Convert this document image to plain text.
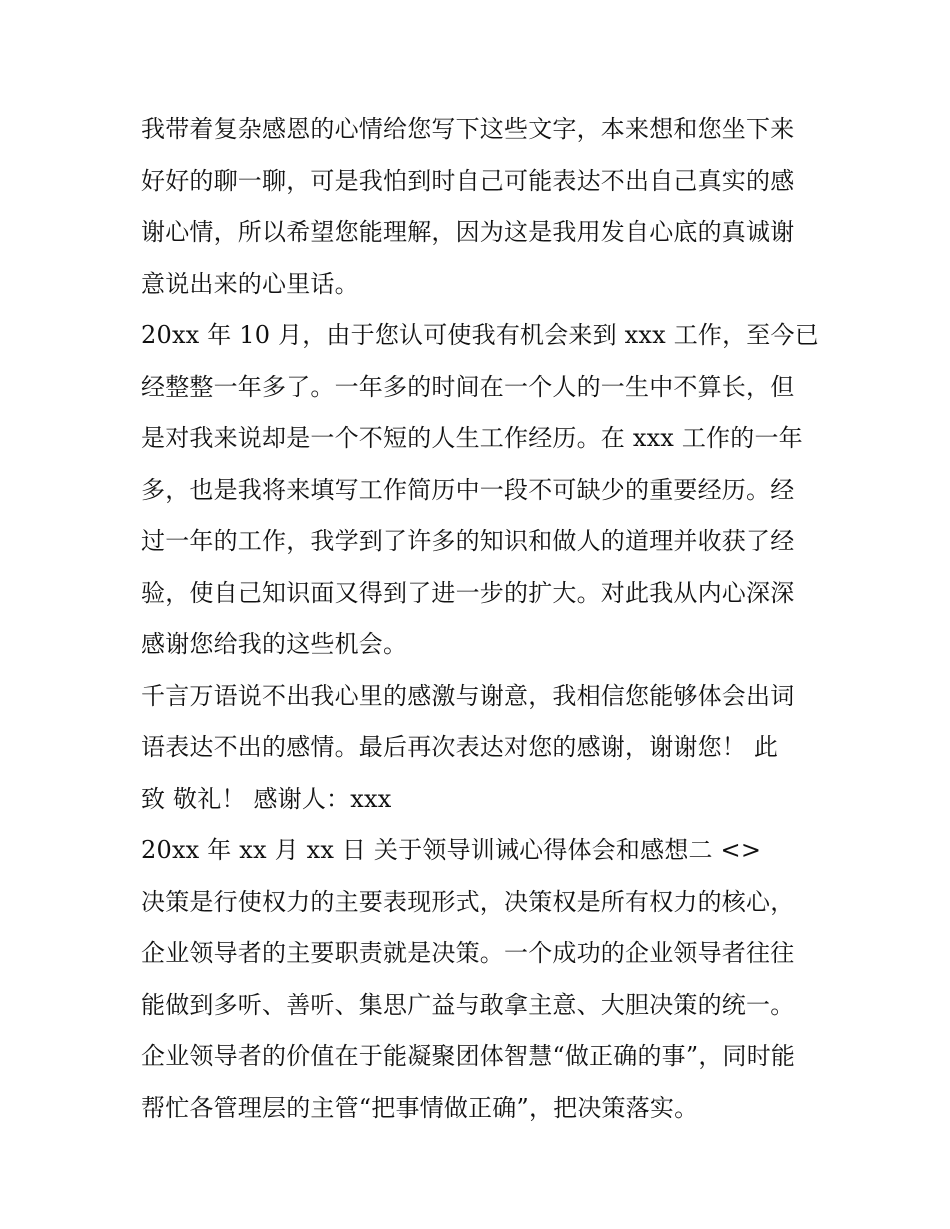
我带着复杂感恩的心情给您写下这些文字，本来想和您坐下来
好好的聊一聊，可是我怕到时自己可能表达不出自己真实的感
谢心情，所以希望您能理解，因为这是我用发自心底的真诚谢
意说出来的心里话。
20xx 年 10 月，由于您认可使我有机会来到 xxx 工作，至今已
经整整一年多了。一年多的时间在一个人的一生中不算长，但
是对我来说却是一个不短的人生工作经历。在 xxx 工作的一年
多，也是我将来填写工作简历中一段不可缺少的重要经历。经
过一年的工作，我学到了许多的知识和做人的道理并收获了经
验，使自己知识面又得到了进一步的扩大。对此我从内心深深
感谢您给我的这些机会。
千言万语说不出我心里的感激与谢意，我相信您能够体会出词
语表达不出的感情。最后再次表达对您的感谢，谢谢您！ 此
致 敬礼！ 感谢人：xxx
20xx 年 xx 月 xx 日 关于领导训诫心得体会和感想二 <>
决策是行使权力的主要表现形式，决策权是所有权力的核心，
企业领导者的主要职责就是决策。一个成功的企业领导者往往
能做到多听、善听、集思广益与敢拿主意、大胆决策的统一。
企业领导者的价值在于能凝聚团体智慧“做正确的事”，同时能
帮忙各管理层的主管“把事情做正确”，把决策落实。
